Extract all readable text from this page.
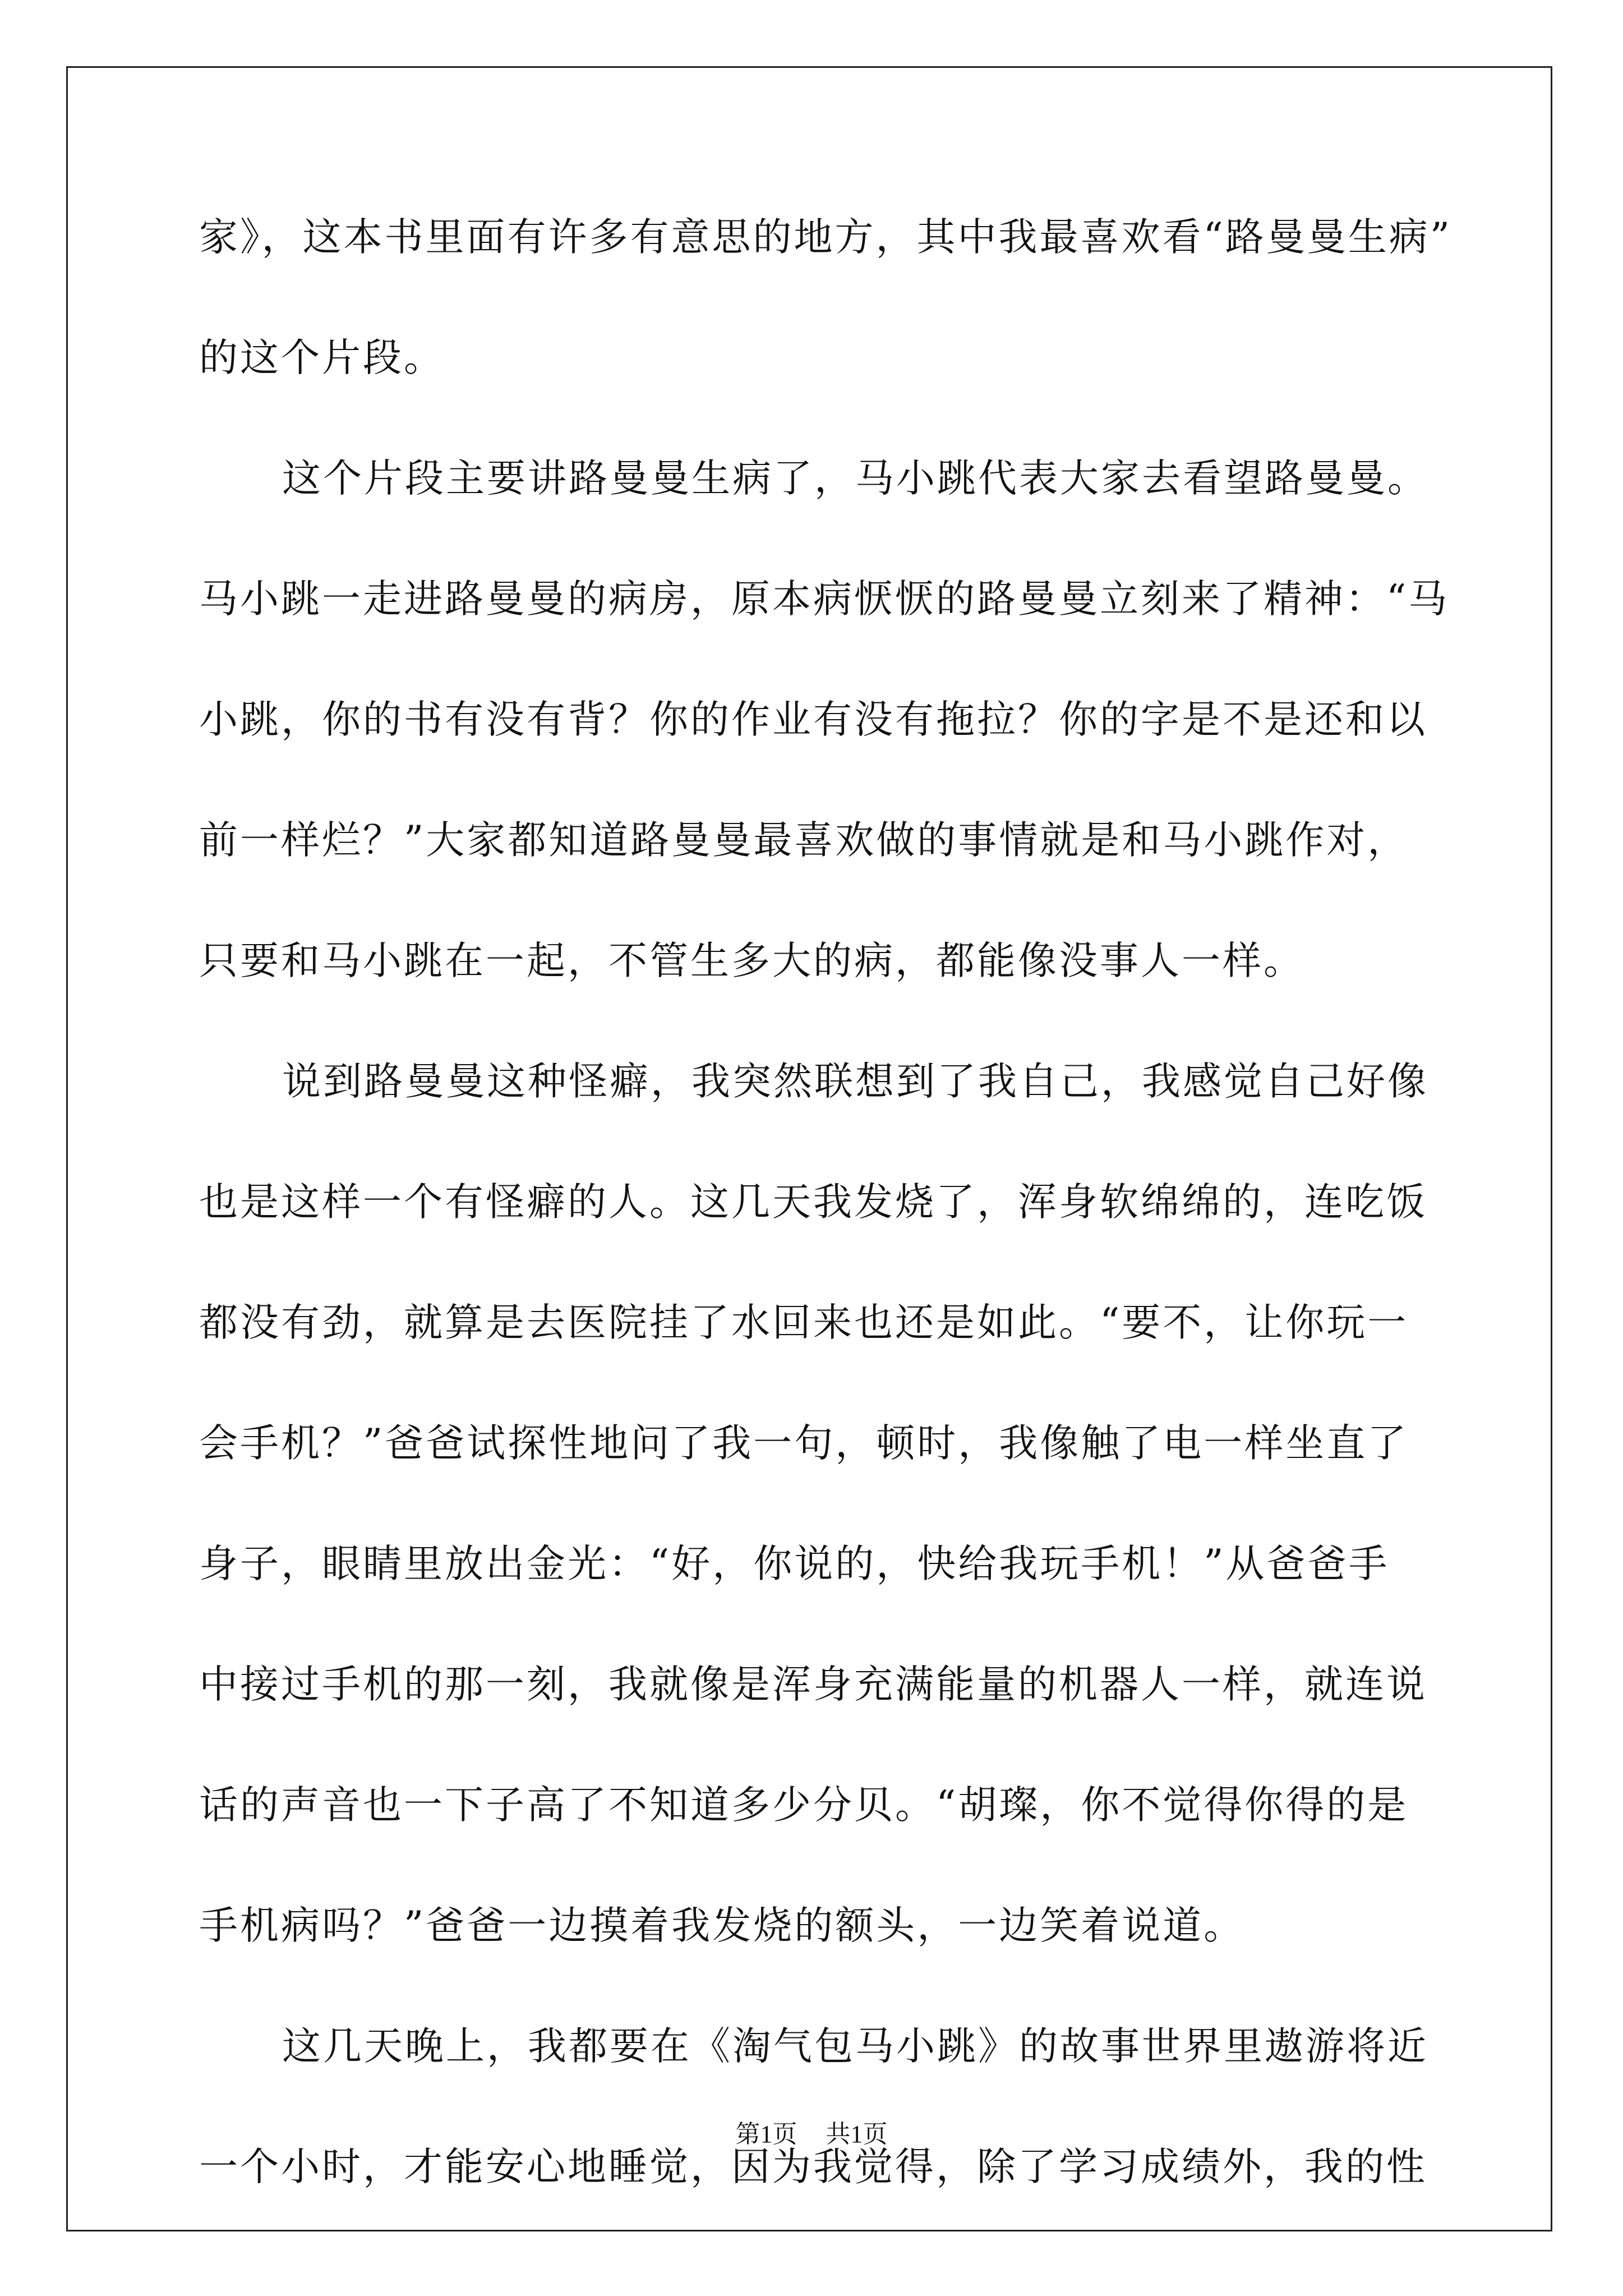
家》，这本书里面有许多有意思的地方，其中我最喜欢看“路曼曼生病”
的这个片段。
这个片段主要讲路曼曼生病了，马小跳代表大家去看望路曼曼。
马小跳一走进路曼曼的病房，原本病恹恹的路曼曼立刻来了精神：“马
小跳，你的书有没有背？你的作业有没有拖拉？你的字是不是还和以
前一样烂？”大家都知道路曼曼最喜欢做的事情就是和马小跳作对，
只要和马小跳在一起，不管生多大的病，都能像没事人一样。
说到路曼曼这种怪癖，我突然联想到了我自己，我感觉自己好像
也是这样一个有怪癖的人。这几天我发烧了，浑身软绵绵的，连吃饭
都没有劲，就算是去医院挂了水回来也还是如此。“要不，让你玩一
会手机？”爸爸试探性地问了我一句，顿时，我像触了电一样坐直了
身子，眼睛里放出金光：“好，你说的，快给我玩手机！”从爸爸手
中接过手机的那一刻，我就像是浑身充满能量的机器人一样，就连说
话的声音也一下子高了不知道多少分贝。“胡璨，你不觉得你得的是
手机病吗？”爸爸一边摸着我发烧的额头，一边笑着说道。
这几天晚上，我都要在《淘气包马小跳》的故事世界里遨游将近
一个小时，才能安心地睡觉，因为我觉得，除了学习成绩外，我的性
第1页 共1页
